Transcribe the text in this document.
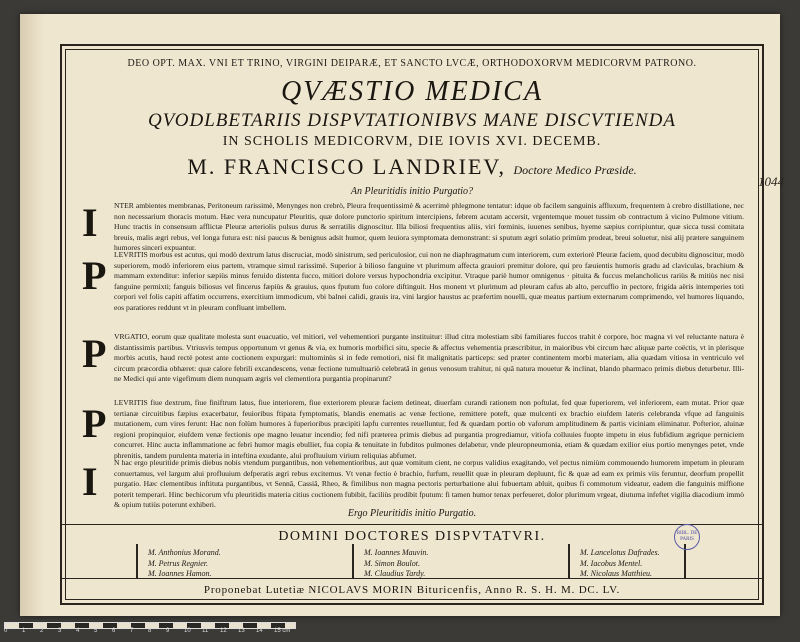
DEO OPT. MAX. VNI ET TRINO, VIRGINI DEIPARÆ, ET SANCTO LVCÆ, ORTHODOXORVM MEDICORVM PATRONO.
QVÆSTIO MEDICA
QVODLBETARIIS DISPVTATIONIBVS MANE DISCVTIENDA
IN SCHOLIS MEDICORVM, DIE IOVIS XVI. DECEMB.
M. FRANCISCO LANDRIEV, Doctore Medico Præside.
1044
An Pleuritidis initio Purgatio?
I NTER ambientes membranas, Peritoneum rarissimè, Menynges non crebrò, Pleura frequentissimè & acerrimè phlegmone tentatur: idque ob facilem sanguinis affluxum, frequentem à crebro distillatione, nec non necessarium thoracis motum. Hæc vera nuncupatur Pleuritis, quæ dolore punctorio spiritum intercipiens, febrem acutam accersit, vrgentemque mouet tussim ob contractum à vicino Pulmone vitium. Hunc tractis in consensum afflictæ Pleuræ arteriolis pulsus durus & serratilis dignoscitur. Illa biliosi frequentius aliis, viri fœminis, iuuenes senibus, hyeme sæpius corripiuntur, quæ sicca tussi comitata breuis, malis ægri rebus, vel longa futura est: nisi paucus & benignus adsit humor, quem leuiora symptomata demonstrant: si sputum ægri solatio primùm prodeat, breui soluetur, nisi alij prætere sanguinem humores sinceri expuantur.
P LEVRITIS morbus est acutus, qui modò dextrum latus discruciat, modò sinistrum, sed periculosior, cui non ne diaphragmatum cum interiorem, cum exteriorè Pleuræ faciem, quod decubitu dignoscitur, modò superiorem, modò inferiorem eius partem, vtramque simul rarissimè. Superior à bilioso fanguine vt plurimum affecta grauiori premitur dolore, qui pro fæuientis humoris gradu ad claviculas, brachium & mammam extenditur: inferior sæpiùs minus feruido distenta fucco, mitiori dolore versus hypochondria excipitur. Vtraque pariè humor omnigenus · pituita & fuccus melancholicus rariùs & mitiùs nec nisi fanguine permixti; fanguis biliosus vel fincerus fæpiùs & grauius, quos fputum fuo colore diftinguit. Hos monent vt plurimum ad pleuram cafus ab alto, percuffio in pectore, frigida aëris intemperies toti corpori vel folis capiti affatim occurrens, exercitium immodicum, vbi balnei calidi, grauis ira, vini largior haustus ac præfertim nouelli, quæ meatus partium externarum comprimendo, vel humores liquando, eos paratiores reddunt vt in pleuram confluant imbellem.
P VRGATIO, eorum quæ qualitate molesta sunt euacuatio, vel mitiori, vel vehementiori purgante instituitur: illud citra molestiam sibi familiares fuccos trahit è corpore, hoc magna vi vel reluctante natura è distantissimis partibus. Vtriusvis tempus opportunum vt genus & via, ex humoris morbifici situ, specie & affectus vehementia præscribitur, in maioribus vbi circum hæc aliquæ parte coëctis, vt in plerisque morbis acutis, haud rectè potest ante coctionem expurgari: multominùs si in fede remotiori, nisi fit malignitatis particeps: sed præter continentem morbi materiam, alia quædam vitiosa in ventriculo vel circum præcordia obhæret: quæ calore febrili excandescens, venæ fectione tumultuariò celebratâ in genus venosum trahitur, ni quâ natura mouetur & inclinat, blando pharmaco primis diebus deturbetur. Illi-ne Medici qui ante vigefimum diem nunquam ægris vel clementiora purgantia propinarunt?
P LEVRITIS fiue dextrum, fiue finiftrum latus, fiue interiorem, fiue exteriorem pleuræ faciem detineat, diuerfam curandi rationem non poftulat, fed quæ fuperiorem, vel inferiorem, eam mutat. Prior quæ tertianæ circuitibus fæpius exacerbatur, feuioribus ftipata fymptomatis, blandis enematis ac venæ fectione, remittere poteft, quæ mulcenti ex brachio eiufdem lateris celebranda vfque ad fanguinis mutationem, cum vires ferunt: Hac non folùm humores à fuperioribus præcipiti lapfu currentes reuelluntur, fed & quædam portio ob vaforum amplitudinem & partis viciniam eliminatur. Pofterior, aluinæ regioni propinquior, eiufdem venæ fectionis ope magno leuatur incendio; fed nifi præterea primis diebus ad purgantia progrediamur, vitiofa colluuies fuopte impetu in eius fubfidium ægrique perniciem concurret. Hinc aucta inflammatione ac febri humor magis ebulliet, fua copia & tenuitate in fubditos pulmones delabetur, vnde pleuropneumonia, etiam & quædam exilior eius portio menynges petet, vnde phrenitis, tandem purulenta materia in inteftina exudante, alui profluuium virium reliquias abfumet.
I N hac ergo pleuritide primis diebus nobis vtendum purgantibus, non vehementioribus, aut quæ vomitum cient, ne corpus validius exagitando, vel pectus nimiùm commouendo humorem impetum in pleuram conuertamus, vel largum alui profluuium defperatis ægri rebus excitemus. Vt venæ fectio è brachio, furfum, reuellit quæ in pleuram depluunt, fic & quæ ad eam ex primis viis feruntur, deorfum propellit purgatio. Hæc clementibus inftituta purgantibus, vt Sennâ, Cassiâ, Rheo, & fimilibus non magna pectoris perturbatione alui fubuertam abluit, quibus fi commotum videatur, eadem die fanguinis miffione poterit temperari. Hinc bechicorum vfu pleuritidis materia citius coctionem fubibit, faciliùs prodibit fputum: fi tamen humor tenax perfeueret, dolor plurimum vrgeat, diuturna infeftet vigilia diacodium immò & opium tutiùs poterunt exhiberi.
Ergo Pleuritidis initio Purgatio.
DOMINI DOCTORES DISPVTATVRI.
M. Anthonius Morand.
M. Petrus Regnier.
M. Ioannes Hamon.
M. Ioannes Mauvin.
M. Simon Boulot.
M. Claudius Tardy.
M. Lancelotus Dafrades.
M. Iacobus Mentel.
M. Nicolaus Matthieu.
BIBL. DE PARIS
Proponebat Lutetiæ NICOLAVS MORIN Bituricenfis, Anno R. S. H. M. DC. LV.
0 1 2 3 4 5 6 7 8 9 10 11 12 13 14 15 cm
